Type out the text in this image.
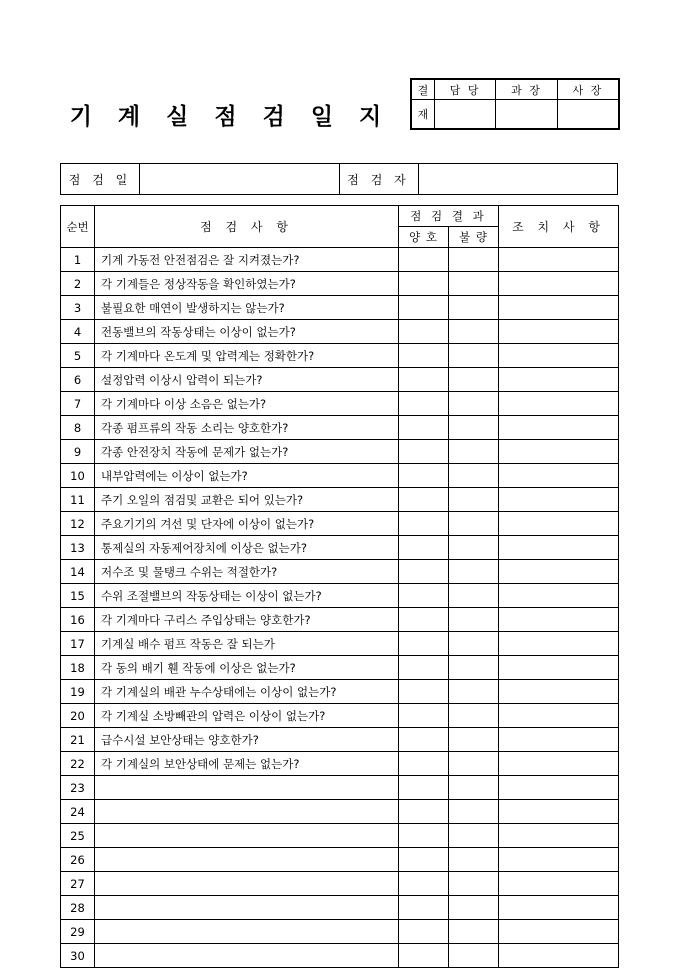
결	담 당	과 장	사 장
재			
기 계 실 점 검 일 지
점 검 일		점 검 자	
순번	점 검 사 항	점 검 결 과		조 치 사 항
		양 호	불 량	
1	기계 가동전 안전점검은 잘 지켜졌는가?			
2	각 기계들은 정상작동을 확인하였는가?			
3	불필요한 매연이 발생하지는 않는가?			
4	전동밸브의 작동상태는 이상이 없는가?			
5	각 기계마다 온도계 및 압력계는 정확한가?			
6	설정압력 이상시 압력이 되는가?			
7	각 기계마다 이상 소음은 없는가?			
8	각종 펌프류의 작동 소리는 양호한가?			
9	각종 안전장치 작동에 문제가 없는가?			
10	내부압력에는 이상이 없는가?			
11	주기 오일의 점검및 교환은 되어 있는가?			
12	주요기기의 겨선 및 단자에 이상이 없는가?			
13	통제실의 자동제어장치에 이상은 없는가?			
14	저수조 및 물탱크 수위는 적절한가?			
15	수위 조절밸브의 작동상태는 이상이 없는가?			
16	각 기계마다 구리스 주입상태는 양호한가?			
17	기계실 배수 펌프 작동은 잘 되는가			
18	각 동의 배기 휀 작동에 이상은 없는가?			
19	각 기계실의 배관 누수상태에는 이상이 없는가?			
20	각 기계실 소방빼관의 압력은 이상이 없는가?			
21	급수시설 보안상태는 양호한가?			
22	각 기계실의 보안상태에 문제는 없는가?			
23				
24				
25				
26				
27				
28				
29				
30				
